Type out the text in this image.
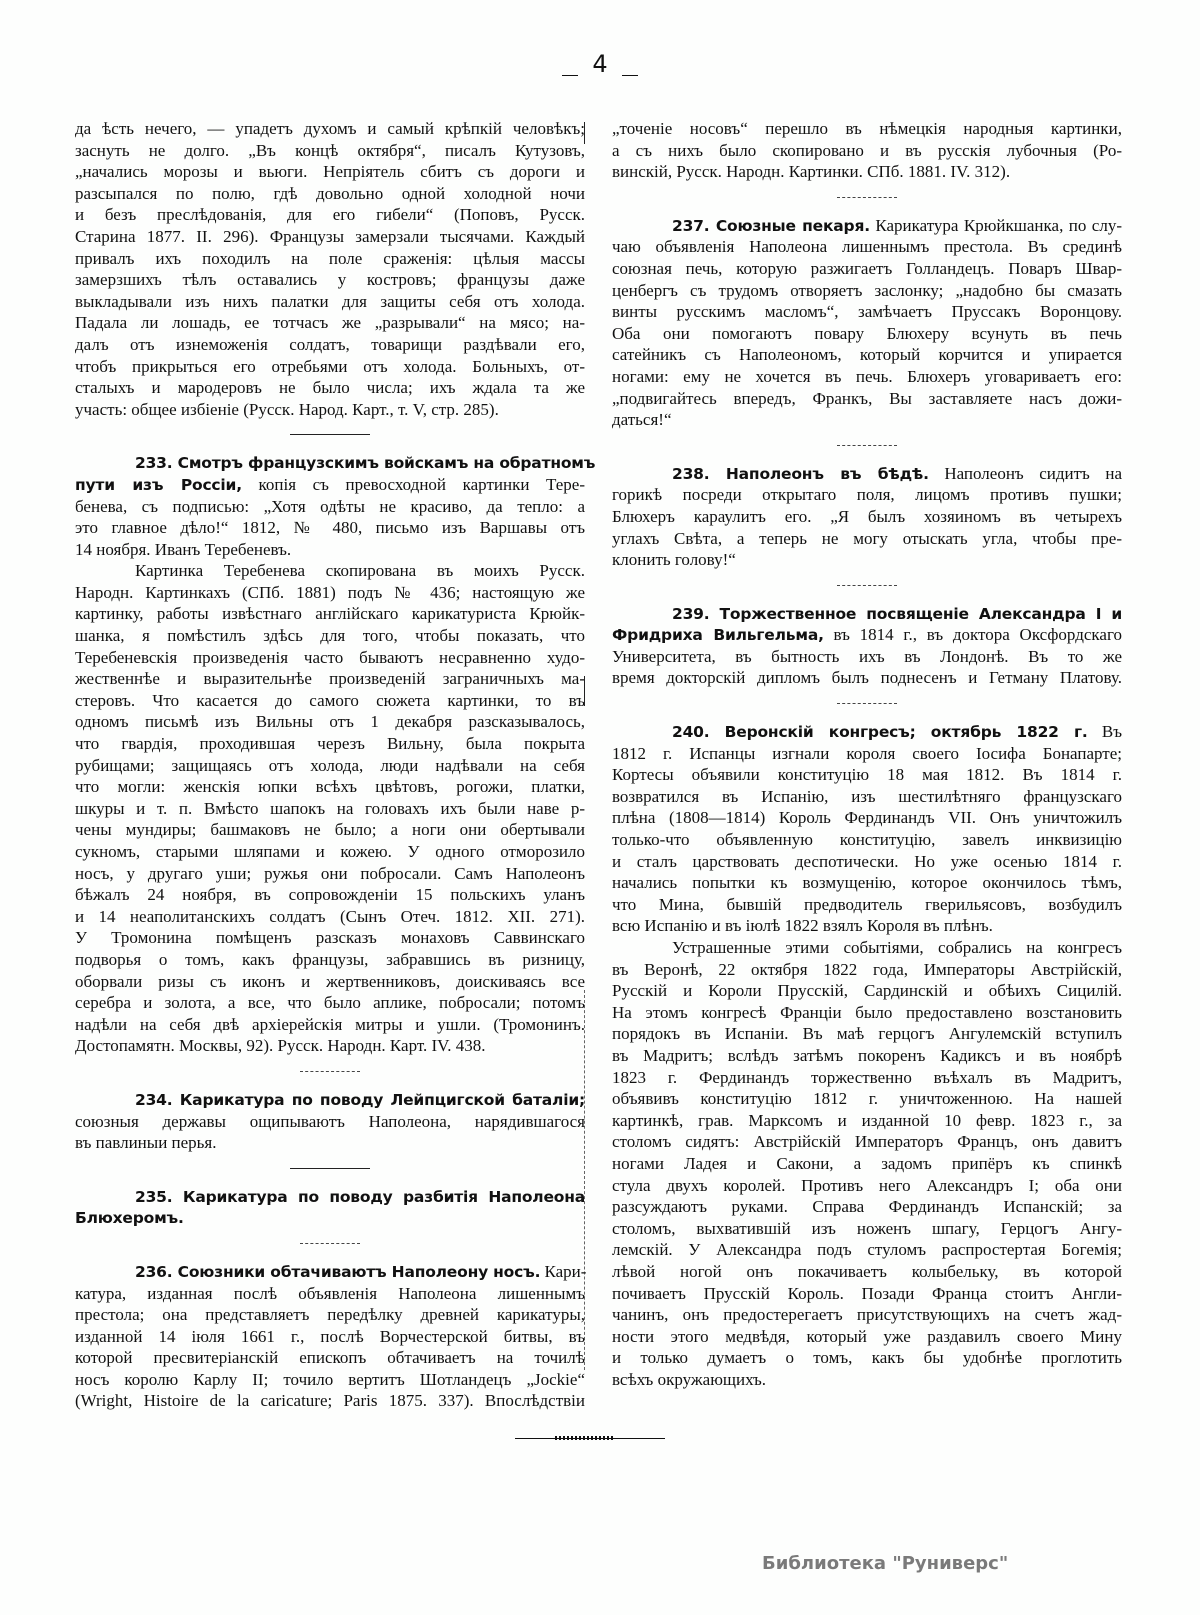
4
да ѣсть нечего, — упадетъ духомъ и самый крѣпкій человѣкъ;
заснуть не долго. „Въ концѣ октября“, писалъ Кутузовъ,
„начались морозы и вьюги. Непріятель сбитъ съ дороги и
разсыпался по полю, гдѣ довольно одной холодной ночи
и безъ преслѣдованія, для его гибели“ (Поповъ, Русск.
Старина 1877. II. 296). Французы замерзали тысячами. Каждый
привалъ ихъ походилъ на поле сраженія: цѣлыя массы
замерзшихъ тѣлъ оставались у костровъ; французы даже
выкладывали изъ нихъ палатки для защиты себя отъ холода.
Падала ли лошадь, ее тотчасъ же „разрывали“ на мясо; на-
далъ отъ изнеможенія солдатъ, товарищи раздѣвали его,
чтобъ прикрыться его отребьями отъ холода. Больныхъ, от-
сталыхъ и мародеровъ не было числа; ихъ ждала та же
участь: общее избіеніе (Русск. Народ. Карт., т. V, стр. 285).
233. Смотръ французскимъ войскамъ на обратномъ
пути изъ Россіи, копія съ превосходной картинки Тере-
бенева, съ подписью: „Хотя одѣты не красиво, да тепло: а
это главное дѣло!“ 1812, № 480, письмо изъ Варшавы отъ
14 ноября. Иванъ Теребеневъ.
Картинка Теребенева скопирована въ моихъ Русск.
Народн. Картинкахъ (СПб. 1881) подъ № 436; настоящую же
картинку, работы извѣстнаго англійскаго карикатуриста Крюйк-
шанка, я помѣстилъ здѣсь для того, чтобы показать, что
Теребеневскія произведенія часто бываютъ несравненно худо-
жественнѣе и выразительнѣе произведеній заграничныхъ ма-
стеровъ. Что касается до самого сюжета картинки, то въ
одномъ письмѣ изъ Вильны отъ 1 декабря разсказывалось,
что гвардія, проходившая черезъ Вильну, была покрыта
рубищами; защищаясь отъ холода, люди надѣвали на себя
что могли: женскія юпки всѣхъ цвѣтовъ, рогожи, платки,
шкуры и т. п. Вмѣсто шапокъ на головахъ ихъ были наве р-
чены мундиры; башмаковъ не было; а ноги они обертывали
сукномъ, старыми шляпами и кожею. У одного отморозило
носъ, у другаго уши; ружья они побросали. Самъ Наполеонъ
бѣжалъ 24 ноября, въ сопровожденіи 15 польскихъ уланъ
и 14 неаполитанскихъ солдатъ (Сынъ Отеч. 1812. XII. 271).
У Тромонина помѣщенъ разсказъ монаховъ Саввинскаго
подворья о томъ, какъ французы, забравшись въ ризницу,
оборвали ризы съ иконъ и жертвенниковъ, доискиваясь все
серебра и золота, а все, что было аплике, побросали; потомъ
надѣли на себя двѣ архіерейскія митры и ушли. (Тромонинъ.
Достопамятн. Москвы, 92). Русск. Народн. Карт. IV. 438.
234. Карикатура по поводу Лейпцигской баталіи;
союзныя державы ощипываютъ Наполеона, нарядившагося
въ павлиныи перья.
235. Карикатура по поводу разбитія Наполеона
Блюхеромъ.
236. Союзники обтачиваютъ Наполеону носъ. Кари-
катура, изданная послѣ объявленія Наполеона лишеннымъ
престола; она представляетъ передѣлку древней карикатуры,
изданной 14 іюля 1661 г., послѣ Ворчестерской битвы, въ
которой пресвитеріанскій епископъ обтачиваетъ на точилѣ
носъ королю Карлу II; точило вертитъ Шотландецъ „Jockie“
(Wright, Histoire de la caricature; Paris 1875. 337). Впослѣдствіи
„точеніе носовъ“ перешло въ нѣмецкія народныя картинки,
а съ нихъ было скопировано и въ русскія лубочныя (Ро-
винскій, Русск. Народн. Картинки. СПб. 1881. IV. 312).
237. Союзные пекаря. Карикатура Крюйкшанка, по слу-
чаю объявленія Наполеона лишеннымъ престола. Въ срединѣ
союзная печь, которую разжигаетъ Голландецъ. Поваръ Швар-
ценбергъ съ трудомъ отворяетъ заслонку; „надобно бы смазать
винты русскимъ масломъ“, замѣчаетъ Пруссакъ Воронцову.
Оба они помогаютъ повару Блюхеру всунуть въ печь
сатейникъ съ Наполеономъ, который корчится и упирается
ногами: ему не хочется въ печь. Блюхеръ уговариваетъ его:
„подвигайтесь впередъ, Франкъ, Вы заставляете насъ дожи-
даться!“
238. Наполеонъ въ бѣдѣ. Наполеонъ сидитъ на
горикѣ посреди открытаго поля, лицомъ противъ пушки;
Блюхеръ караулитъ его. „Я былъ хозяиномъ въ четырехъ
углахъ Свѣта, а теперь не могу отыскать угла, чтобы пре-
клонить голову!“
239. Торжественное посвященіе Александра I и
Фридриха Вильгельма, въ 1814 г., въ доктора Оксфордскаго
Университета, въ бытность ихъ въ Лондонѣ. Въ то же
время докторскій дипломъ былъ поднесенъ и Гетману Платову.
240. Веронскій конгресъ; октябрь 1822 г. Въ
1812 г. Испанцы изгнали короля своего Іосифа Бонапарте;
Кортесы объявили конституцію 18 мая 1812. Въ 1814 г.
возвратился въ Испанію, изъ шестилѣтняго французскаго
плѣна (1808—1814) Король Фердинандъ VII. Онъ уничтожилъ
только-что объявленную конституцію, завелъ инквизицію
и сталъ царствовать деспотически. Но уже осенью 1814 г.
начались попытки къ возмущенію, которое окончилось тѣмъ,
что Мина, бывшій предводитель гверильясовъ, возбудилъ
всю Испанію и въ іюлѣ 1822 взялъ Короля въ плѣнъ.
Устрашенные этими событіями, собрались на конгресъ
въ Веронѣ, 22 октября 1822 года, Императоры Австрійскій,
Русскій и Короли Прусскій, Сардинскій и обѣихъ Сицилій.
На этомъ конгресѣ Франціи было предоставлено возстановить
порядокъ въ Испаніи. Въ маѣ герцогъ Ангулемскій вступилъ
въ Мадритъ; вслѣдъ затѣмъ покоренъ Кадиксъ и въ ноябрѣ
1823 г. Фердинандъ торжественно въѣхалъ въ Мадритъ,
объявивъ конституцію 1812 г. уничтоженною. На нашей
картинкѣ, грав. Марксомъ и изданной 10 февр. 1823 г., за
столомъ сидятъ: Австрійскій Императоръ Францъ, онъ давитъ
ногами Ладея и Сакони, а задомъ припёръ къ спинкѣ
стула двухъ королей. Противъ него Александръ I; оба они
разсуждаютъ руками. Справа Фердинандъ Испанскій; за
столомъ, выхватившій изъ ноженъ шпагу, Герцогъ Ангу-
лемскій. У Александра подъ стуломъ распростертая Богемія;
лѣвой ногой онъ покачиваетъ колыбельку, въ которой
почиваетъ Прусскій Король. Позади Франца стоитъ Англи-
чанинъ, онъ предостерегаетъ присутствующихъ на счетъ жад-
ности этого медвѣдя, который уже раздавилъ своего Мину
и только думаетъ о томъ, какъ бы удобнѣе проглотить
всѣхъ окружающихъ.
Библиотека "Руниверс"
